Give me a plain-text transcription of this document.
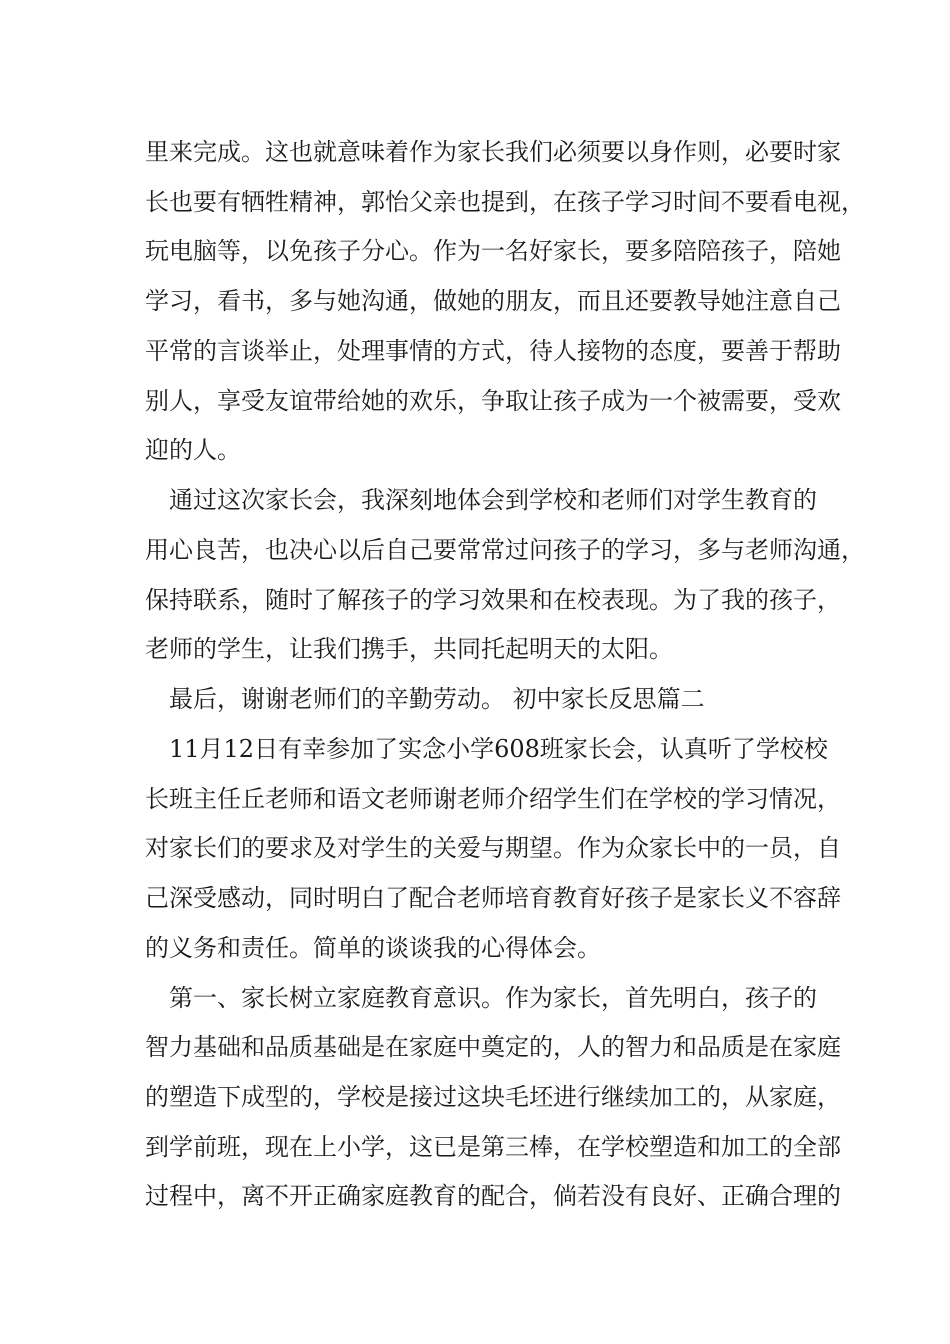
里来完成。这也就意味着作为家长我们必须要以身作则，必要时家
长也要有牺牲精神，郭怡父亲也提到，在孩子学习时间不要看电视，
玩电脑等，以免孩子分心。作为一名好家长，要多陪陪孩子，陪她
学习，看书，多与她沟通，做她的朋友，而且还要教导她注意自己
平常的言谈举止，处理事情的方式，待人接物的态度，要善于帮助
别人，享受友谊带给她的欢乐，争取让孩子成为一个被需要，受欢
迎的人。
　通过这次家长会，我深刻地体会到学校和老师们对学生教育的
用心良苦，也决心以后自己要常常过问孩子的学习，多与老师沟通，
保持联系，随时了解孩子的学习效果和在校表现。为了我的孩子，
老师的学生，让我们携手，共同托起明天的太阳。
　最后，谢谢老师们的辛勤劳动。 初中家长反思篇二
　11月12日有幸参加了实念小学608班家长会，认真听了学校校
长班主任丘老师和语文老师谢老师介绍学生们在学校的学习情况，
对家长们的要求及对学生的关爱与期望。作为众家长中的一员，自
己深受感动，同时明白了配合老师培育教育好孩子是家长义不容辞
的义务和责任。简单的谈谈我的心得体会。
　第一、家长树立家庭教育意识。作为家长，首先明白，孩子的
智力基础和品质基础是在家庭中奠定的，人的智力和品质是在家庭
的塑造下成型的，学校是接过这块毛坯进行继续加工的，从家庭，
到学前班，现在上小学，这已是第三棒，在学校塑造和加工的全部
过程中，离不开正确家庭教育的配合，倘若没有良好、正确合理的
